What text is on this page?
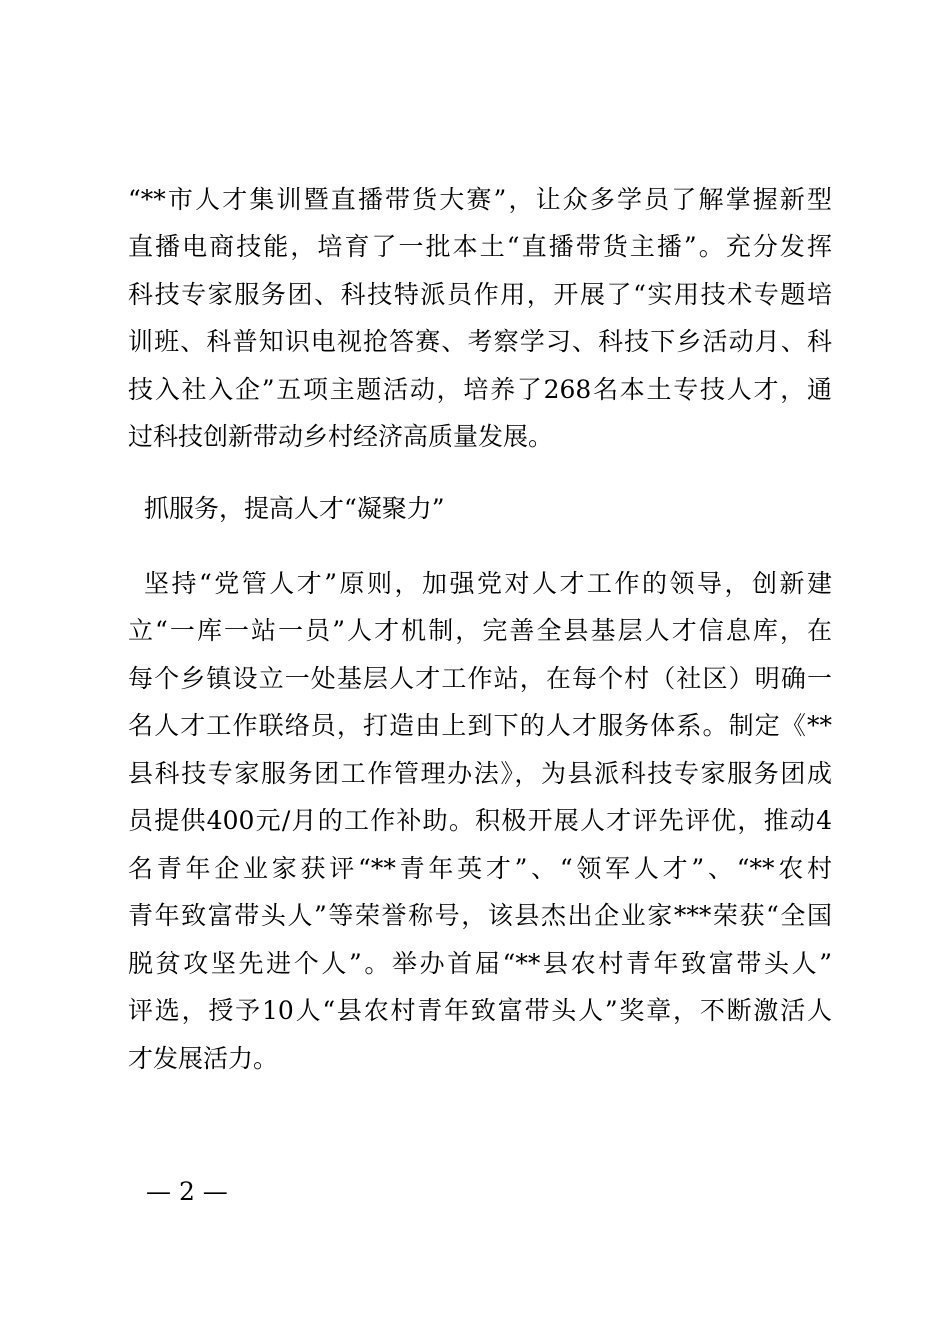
“**市人才集训暨直播带货大赛”，让众多学员了解掌握新型
直播电商技能，培育了一批本土“直播带货主播”。充分发挥
科技专家服务团、科技特派员作用，开展了“实用技术专题培
训班、科普知识电视抢答赛、考察学习、科技下乡活动月、科
技入社入企”五项主题活动，培养了268名本土专技人才，通
过科技创新带动乡村经济高质量发展。
抓服务，提高人才“凝聚力”
坚持“党管人才”原则，加强党对人才工作的领导，创新建
立“一库一站一员”人才机制，完善全县基层人才信息库，在
每个乡镇设立一处基层人才工作站，在每个村（社区）明确一
名人才工作联络员，打造由上到下的人才服务体系。制定《**
县科技专家服务团工作管理办法》，为县派科技专家服务团成
员提供400元/月的工作补助。积极开展人才评先评优，推动4
名青年企业家获评“**青年英才”、“领军人才”、“**农村
青年致富带头人”等荣誉称号，该县杰出企业家***荣获“全国
脱贫攻坚先进个人”。举办首届“**县农村青年致富带头人”
评选，授予10人“县农村青年致富带头人”奖章，不断激活人
才发展活力。
— 2 —
